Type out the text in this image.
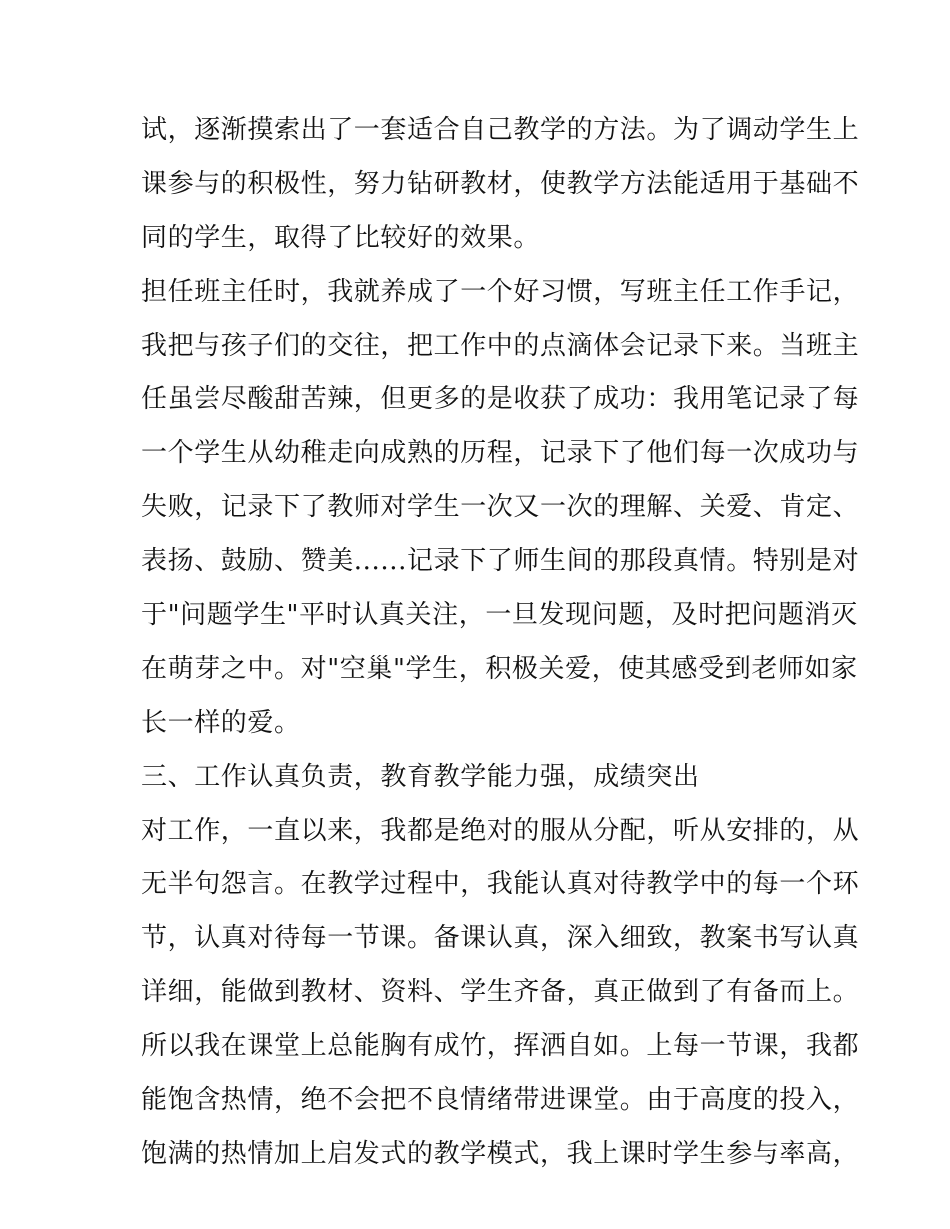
试，逐渐摸索出了一套适合自己教学的方法。为了调动学生上
课参与的积极性，努力钻研教材，使教学方法能适用于基础不
同的学生，取得了比较好的效果。
担任班主任时，我就养成了一个好习惯，写班主任工作手记，
我把与孩子们的交往，把工作中的点滴体会记录下来。当班主
任虽尝尽酸甜苦辣，但更多的是收获了成功：我用笔记录了每
一个学生从幼稚走向成熟的历程，记录下了他们每一次成功与
失败，记录下了教师对学生一次又一次的理解、关爱、肯定、
表扬、鼓励、赞美......记录下了师生间的那段真情。特别是对
于"问题学生"平时认真关注，一旦发现问题，及时把问题消灭
在萌芽之中。对"空巢"学生，积极关爱，使其感受到老师如家
长一样的爱。
三、工作认真负责，教育教学能力强，成绩突出
对工作，一直以来，我都是绝对的服从分配，听从安排的，从
无半句怨言。在教学过程中，我能认真对待教学中的每一个环
节，认真对待每一节课。备课认真，深入细致，教案书写认真
详细，能做到教材、资料、学生齐备，真正做到了有备而上。
所以我在课堂上总能胸有成竹，挥洒自如。上每一节课，我都
能饱含热情，绝不会把不良情绪带进课堂。由于高度的投入，
饱满的热情加上启发式的教学模式，我上课时学生参与率高，
